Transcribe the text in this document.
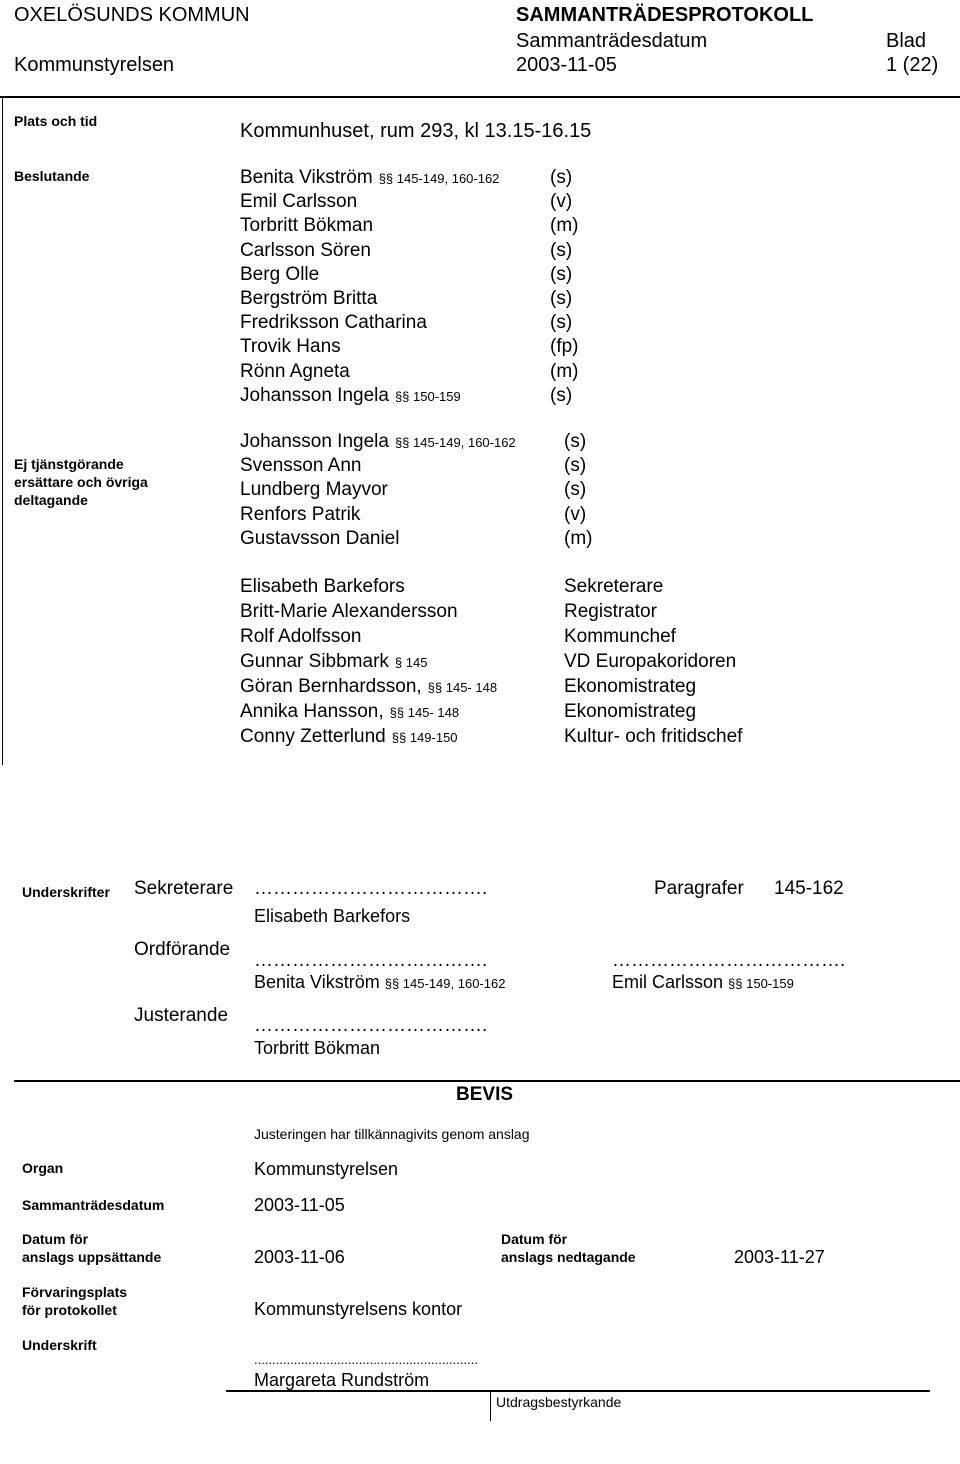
OXELÖSUNDS KOMMUN	SAMMANTRÄDESPROTOKOLL
Sammanträdesdatum	Blad
Kommunstyrelsen	2003-11-05	1 (22)
Plats och tid	Kommunhuset, rum 293, kl 13.15-16.15
Beslutande	Benita Vikström §§ 145-149, 160-162	(s)
Emil Carlsson	(v)
Torbritt Bökman	(m)
Carlsson Sören	(s)
Berg Olle	(s)
Bergström Britta	(s)
Fredriksson Catharina	(s)
Trovik Hans	(fp)
Rönn Agneta	(m)
Johansson Ingela §§ 150-159	(s)
Ej tjänstgörande
ersättare och övriga
deltagande
Johansson Ingela §§ 145-149, 160-162	(s)
Svensson Ann	(s)
Lundberg Mayvor	(s)
Renfors Patrik	(v)
Gustavsson Daniel	(m)
Elisabeth Barkefors	Sekreterare
Britt-Marie Alexandersson	Registrator
Rolf Adolfsson	Kommunchef
Gunnar Sibbmark § 145	VD Europakoridoren
Göran Bernhardsson, §§ 145- 148	Ekonomistrateg
Annika Hansson, §§ 145- 148	Ekonomistrateg
Conny Zetterlund §§ 149-150	Kultur- och fritidschef
Underskrifter Sekreterare ……………………………….	Paragrafer 145-162
Elisabeth Barkefors
Ordförande
……………………………….	……………………………….
Benita Vikström §§ 145-149, 160-162	Emil Carlsson §§ 150-159
Justerande ……………………………….
Torbritt Bökman
BEVIS
Justeringen har tillkännagivits genom anslag
Organ	Kommunstyrelsen
Sammanträdesdatum	2003-11-05
Datum för
anslags uppsättande	2003-11-06
Datum för
anslags nedtagande	2003-11-27
Förvaringsplats
för protokollet	Kommunstyrelsens kontor
Underskrift
..............................................................
Margareta Rundström
Utdragsbestyrkande
